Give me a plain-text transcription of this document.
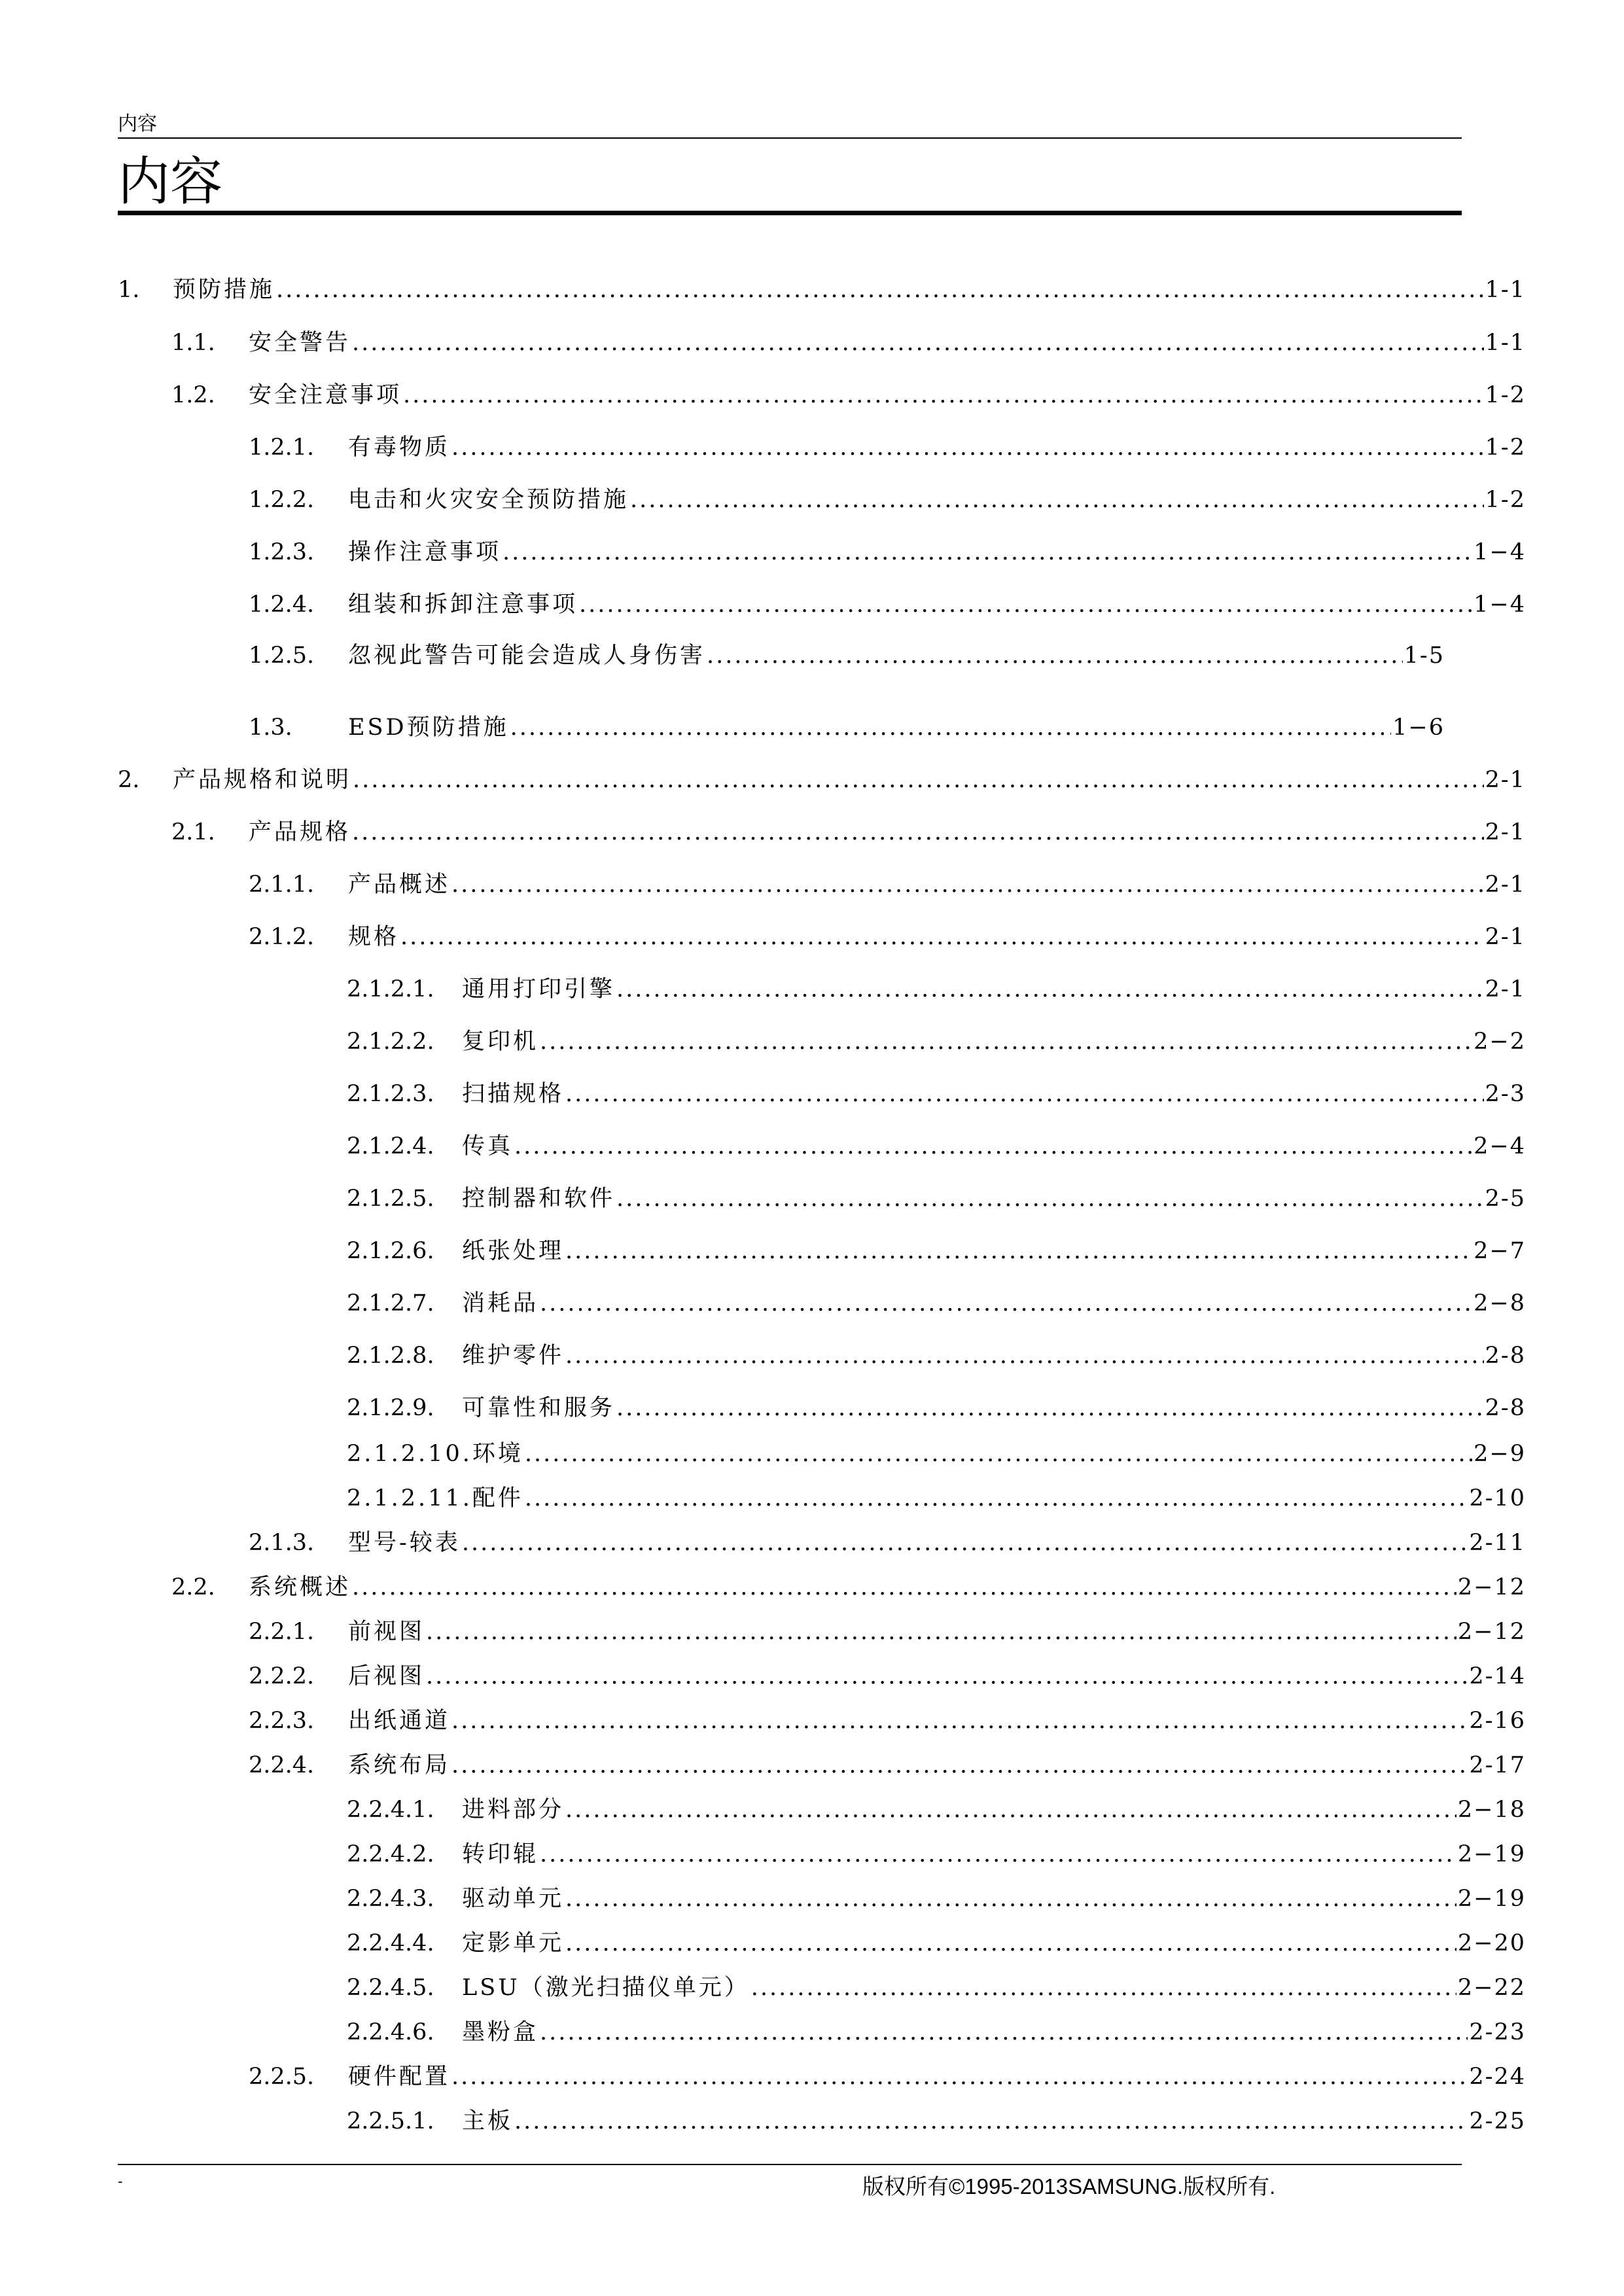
内容
内容
1.	预防措施 .....	1-1
1.1.	安全警告 .....	1-1
1.2.	安全注意事项 .....	1-2
1.2.1.	有毒物质 .....	1-2
1.2.2.	电击和火灾安全预防措施 .....	1-2
1.2.3.	操作注意事项 .....	1−4
1.2.4.	组装和拆卸注意事项 .....	1−4
1.2.5.	忽视此警告可能会造成人身伤害 .....	1-5
1.3.	ESD预防措施 .....	1−6
2.	产品规格和说明 .....	2-1
2.1.	产品规格 .....	2-1
2.1.1.	产品概述 .....	2-1
2.1.2.	规格 .....	2-1
2.1.2.1.	通用打印引擎 .....	2-1
2.1.2.2.	复印机 .....	2−2
2.1.2.3.	扫描规格 .....	2-3
2.1.2.4.	传真 .....	2−4
2.1.2.5.	控制器和软件 .....	2-5
2.1.2.6.	纸张处理 .....	2−7
2.1.2.7.	消耗品 .....	2−8
2.1.2.8.	维护零件 .....	2-8
2.1.2.9.	可靠性和服务 .....	2-8
2.1.2.10. 环境 .....	2−9
2.1.2.11. 配件 .....	2-10
2.1.3.	型号-较表 .....	2-11
2.2.	系统概述 .....	2−12
2.2.1.	前视图 .....	2−12
2.2.2.	后视图 .....	2-14
2.2.3.	出纸通道 .....	2-16
2.2.4.	系统布局 .....	2-17
2.2.4.1.	进料部分 .....	2−18
2.2.4.2.	转印辊 .....	2−19
2.2.4.3.	驱动单元 .....	2−19
2.2.4.4.	定影单元 .....	2−20
2.2.4.5.	LSU（激光扫描仪单元） .....	2−22
2.2.4.6.	墨粉盒 .....	2-23
2.2.5.	硬件配置 .....	2-24
2.2.5.1.	主板 .....	2-25
-	版权所有©1995-2013SAMSUNG.版权所有.
